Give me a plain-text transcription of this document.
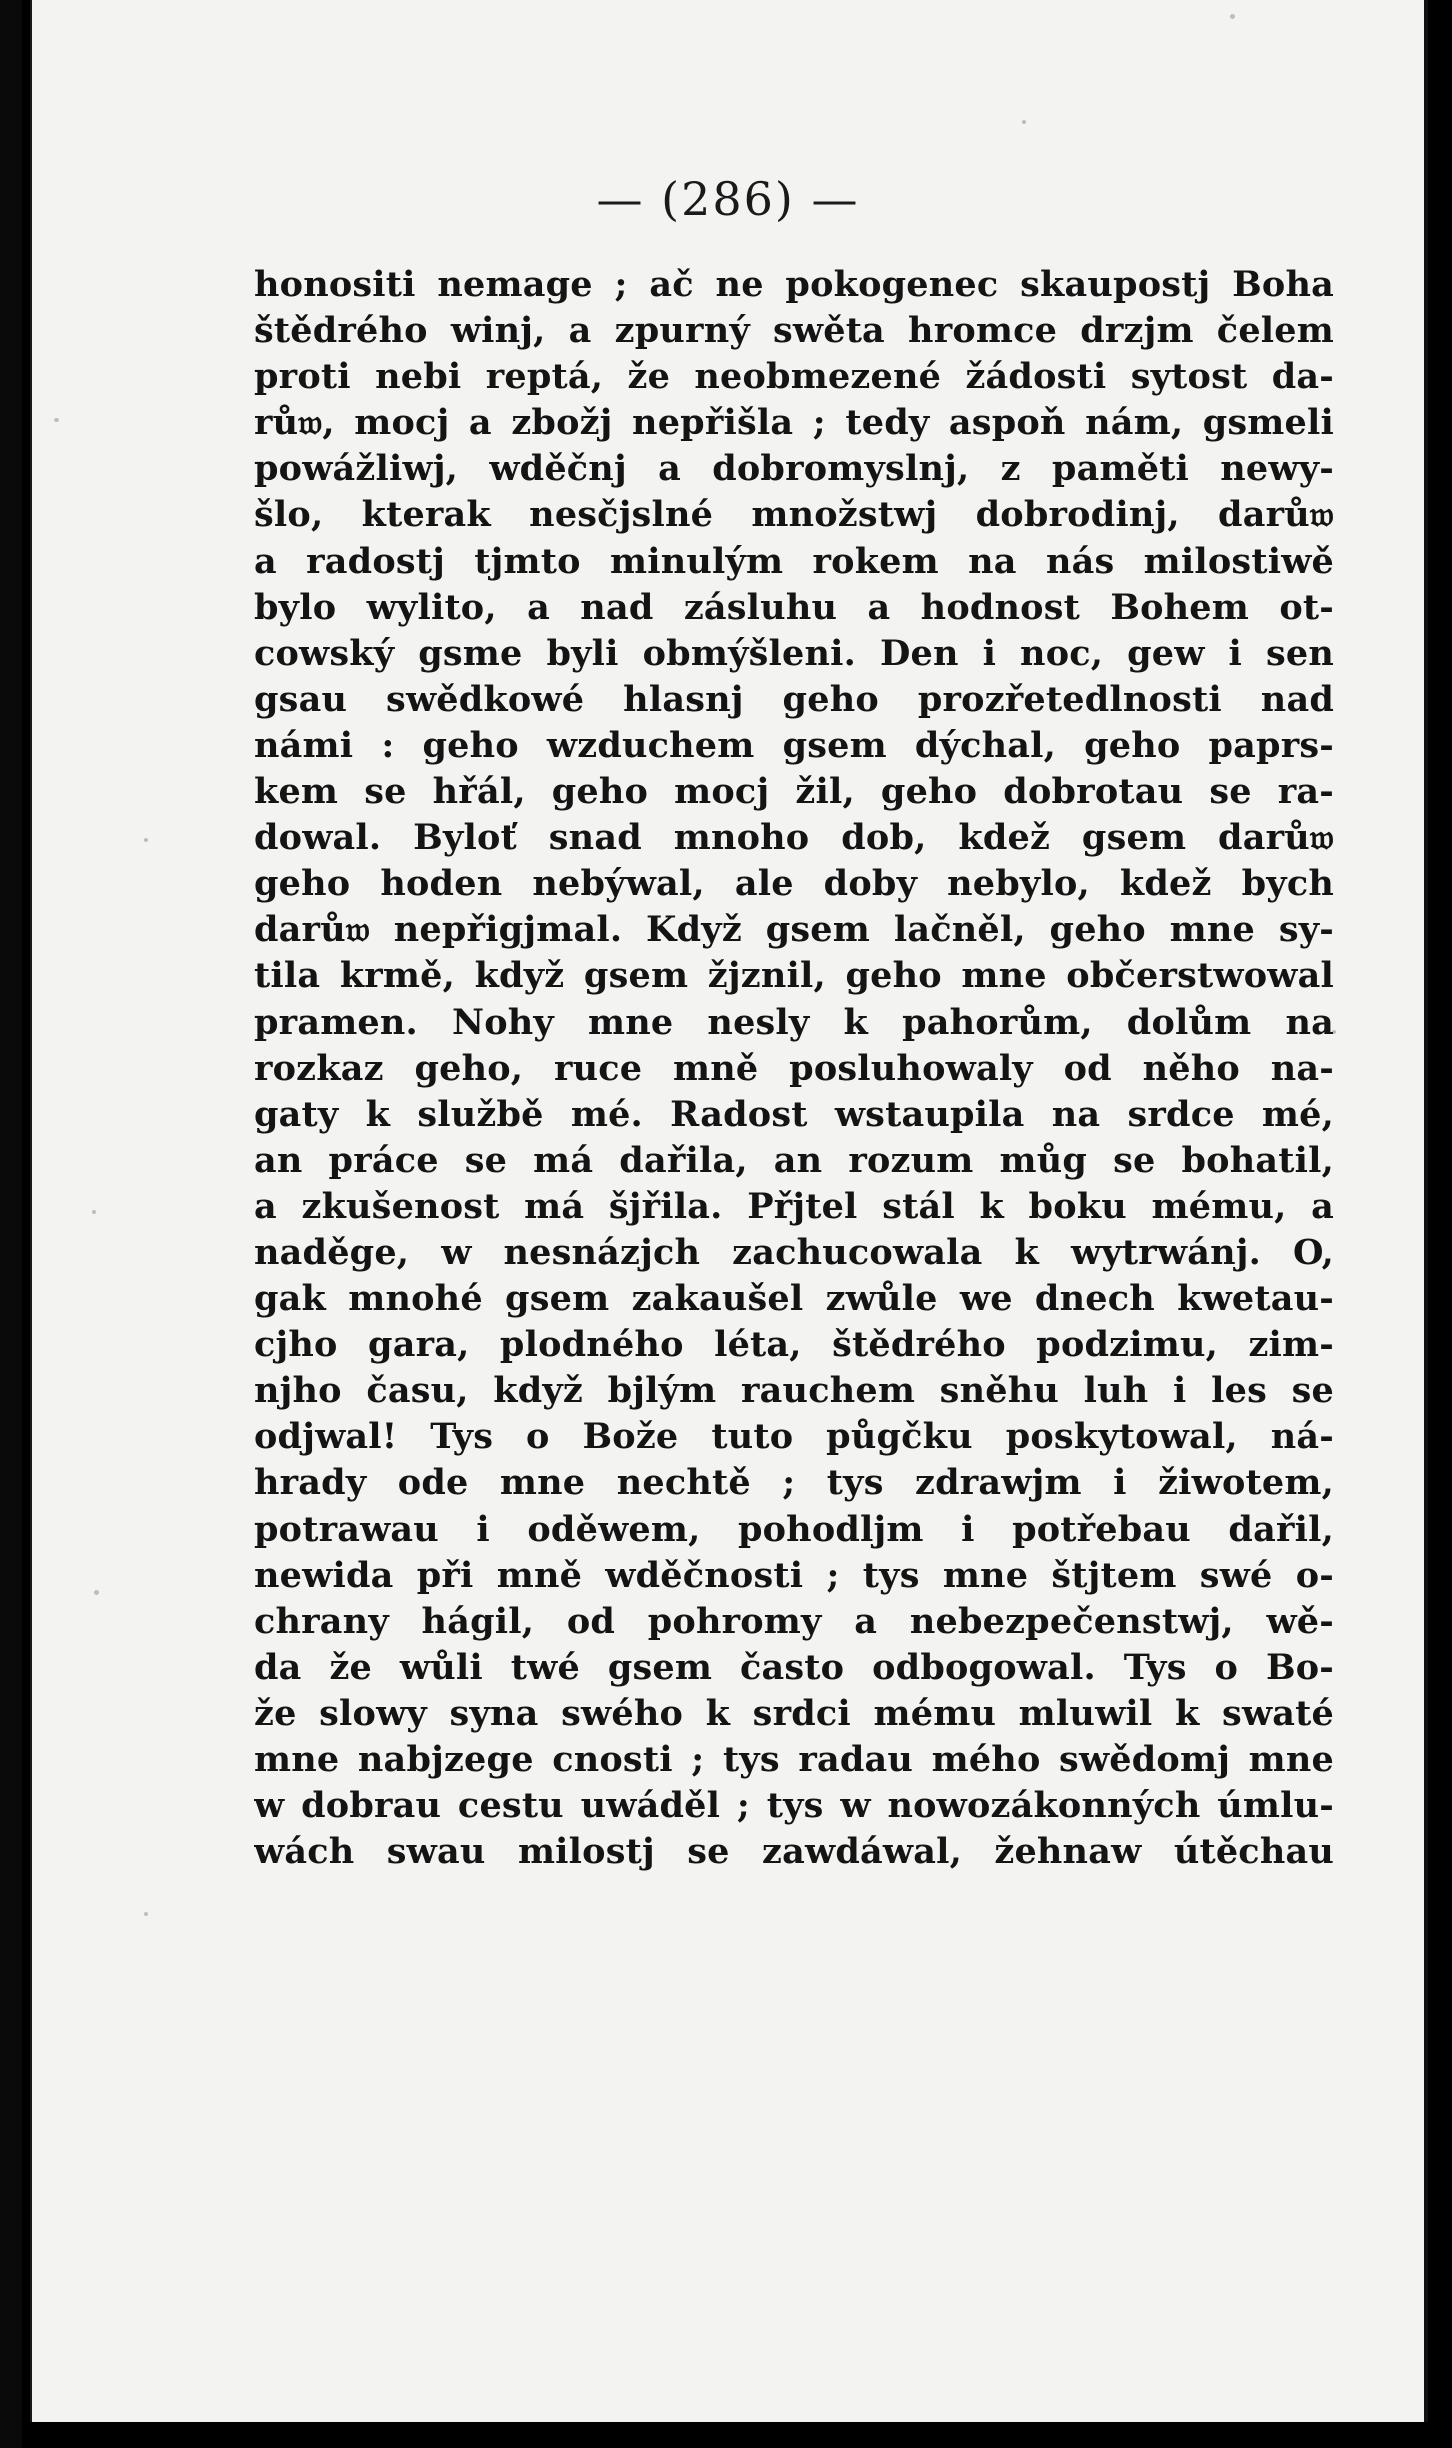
— (286) —
honositi nemage ; ač ne pokogenec skaupostj Boha
štědrého winj, a zpurný swěta hromce drzjm čelem
proti nebi reptá, že neobmezené žádosti sytost da-
rů𝔴, mocj a zbožj nepřišla ; tedy aspoň nám, gsmeli
powážliwj, wděčnj a dobromyslnj, z paměti newy-
šlo, kterak nesčjslné množstwj dobrodinj, darů𝔴
a radostj tjmto minulým rokem na nás milostiwě
bylo wylito, a nad zásluhu a hodnost Bohem ot-
cowský gsme byli obmýšleni. Den i noc, gew i sen
gsau swědkowé hlasnj geho prozřetedlnosti nad
námi : geho wzduchem gsem dýchal, geho paprs-
kem se hřál, geho mocj žil, geho dobrotau se ra-
dowal. Byloť snad mnoho dob, kdež gsem darů𝔴
geho hoden nebýwal, ale doby nebylo, kdež bych
darů𝔴 nepřigjmal. Když gsem lačněl, geho mne sy-
tila krmě, když gsem žjznil, geho mne občerstwowal
pramen. Nohy mne nesly k pahorům, dolům na
rozkaz geho, ruce mně posluhowaly od něho na-
gaty k službě mé. Radost wstaupila na srdce mé,
an práce se má dařila, an rozum můg se bohatil,
a zkušenost má šjřila. Přjtel stál k boku mému, a
naděge, w nesnázjch zachucowala k wytrwánj. O,
gak mnohé gsem zakaušel zwůle we dnech kwetau-
cjho gara, plodného léta, štědrého podzimu, zim-
njho času, když bjlým rauchem sněhu luh i les se
odjwal! Tys o Bože tuto půgčku poskytowal, ná-
hrady ode mne nechtě ; tys zdrawjm i žiwotem,
potrawau i oděwem, pohodljm i potřebau dařil,
newida při mně wděčnosti ; tys mne štjtem swé o-
chrany hágil, od pohromy a nebezpečenstwj, wě-
da že wůli twé gsem často odbogowal. Tys o Bo-
že slowy syna swého k srdci mému mluwil k swaté
mne nabjzege cnosti ; tys radau mého swědomj mne
w dobrau cestu uwáděl ; tys w nowozákonných úmlu-
wách swau milostj se zawdáwal, žehnaw útěchau
